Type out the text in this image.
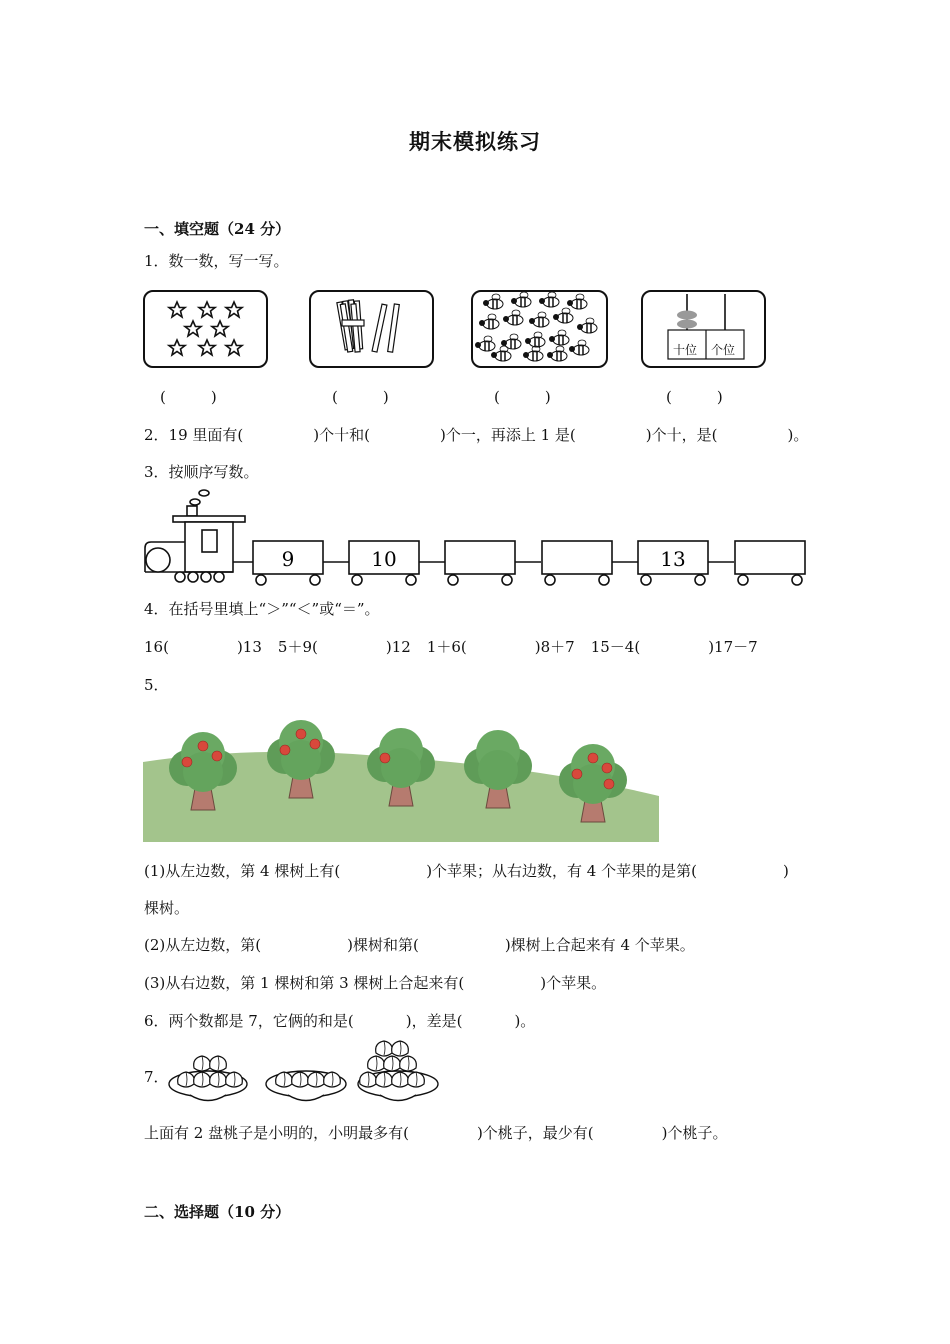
期末模拟练习
一、填空题（24 分）
1．数一数，写一写。
十位 个位
(　　　)	(　　　)	(　　　)	(　　　)
2．19 里面有(	)个十和(	)个一，再添上 1 是(	)个十，是(	)。
3．按顺序写数。
9	10	13
4．在括号里填上“＞”“＜”或“＝”。
16(	)13 5＋9(	)12 1＋6(	)8＋7 15－4(	)17－7
5．
(1)从左边数，第 4 棵树上有(	)个苹果；从右边数，有 4 个苹果的是第(	)
棵树。
(2)从左边数，第(	)棵树和第(	)棵树上合起来有 4 个苹果。
(3)从右边数，第 1 棵树和第 3 棵树上合起来有(	)个苹果。
6．两个数都是 7，它俩的和是(	)，差是(	)。
7．
上面有 2 盘桃子是小明的，小明最多有(	)个桃子，最少有(	)个桃子。
二、选择题（10 分）
